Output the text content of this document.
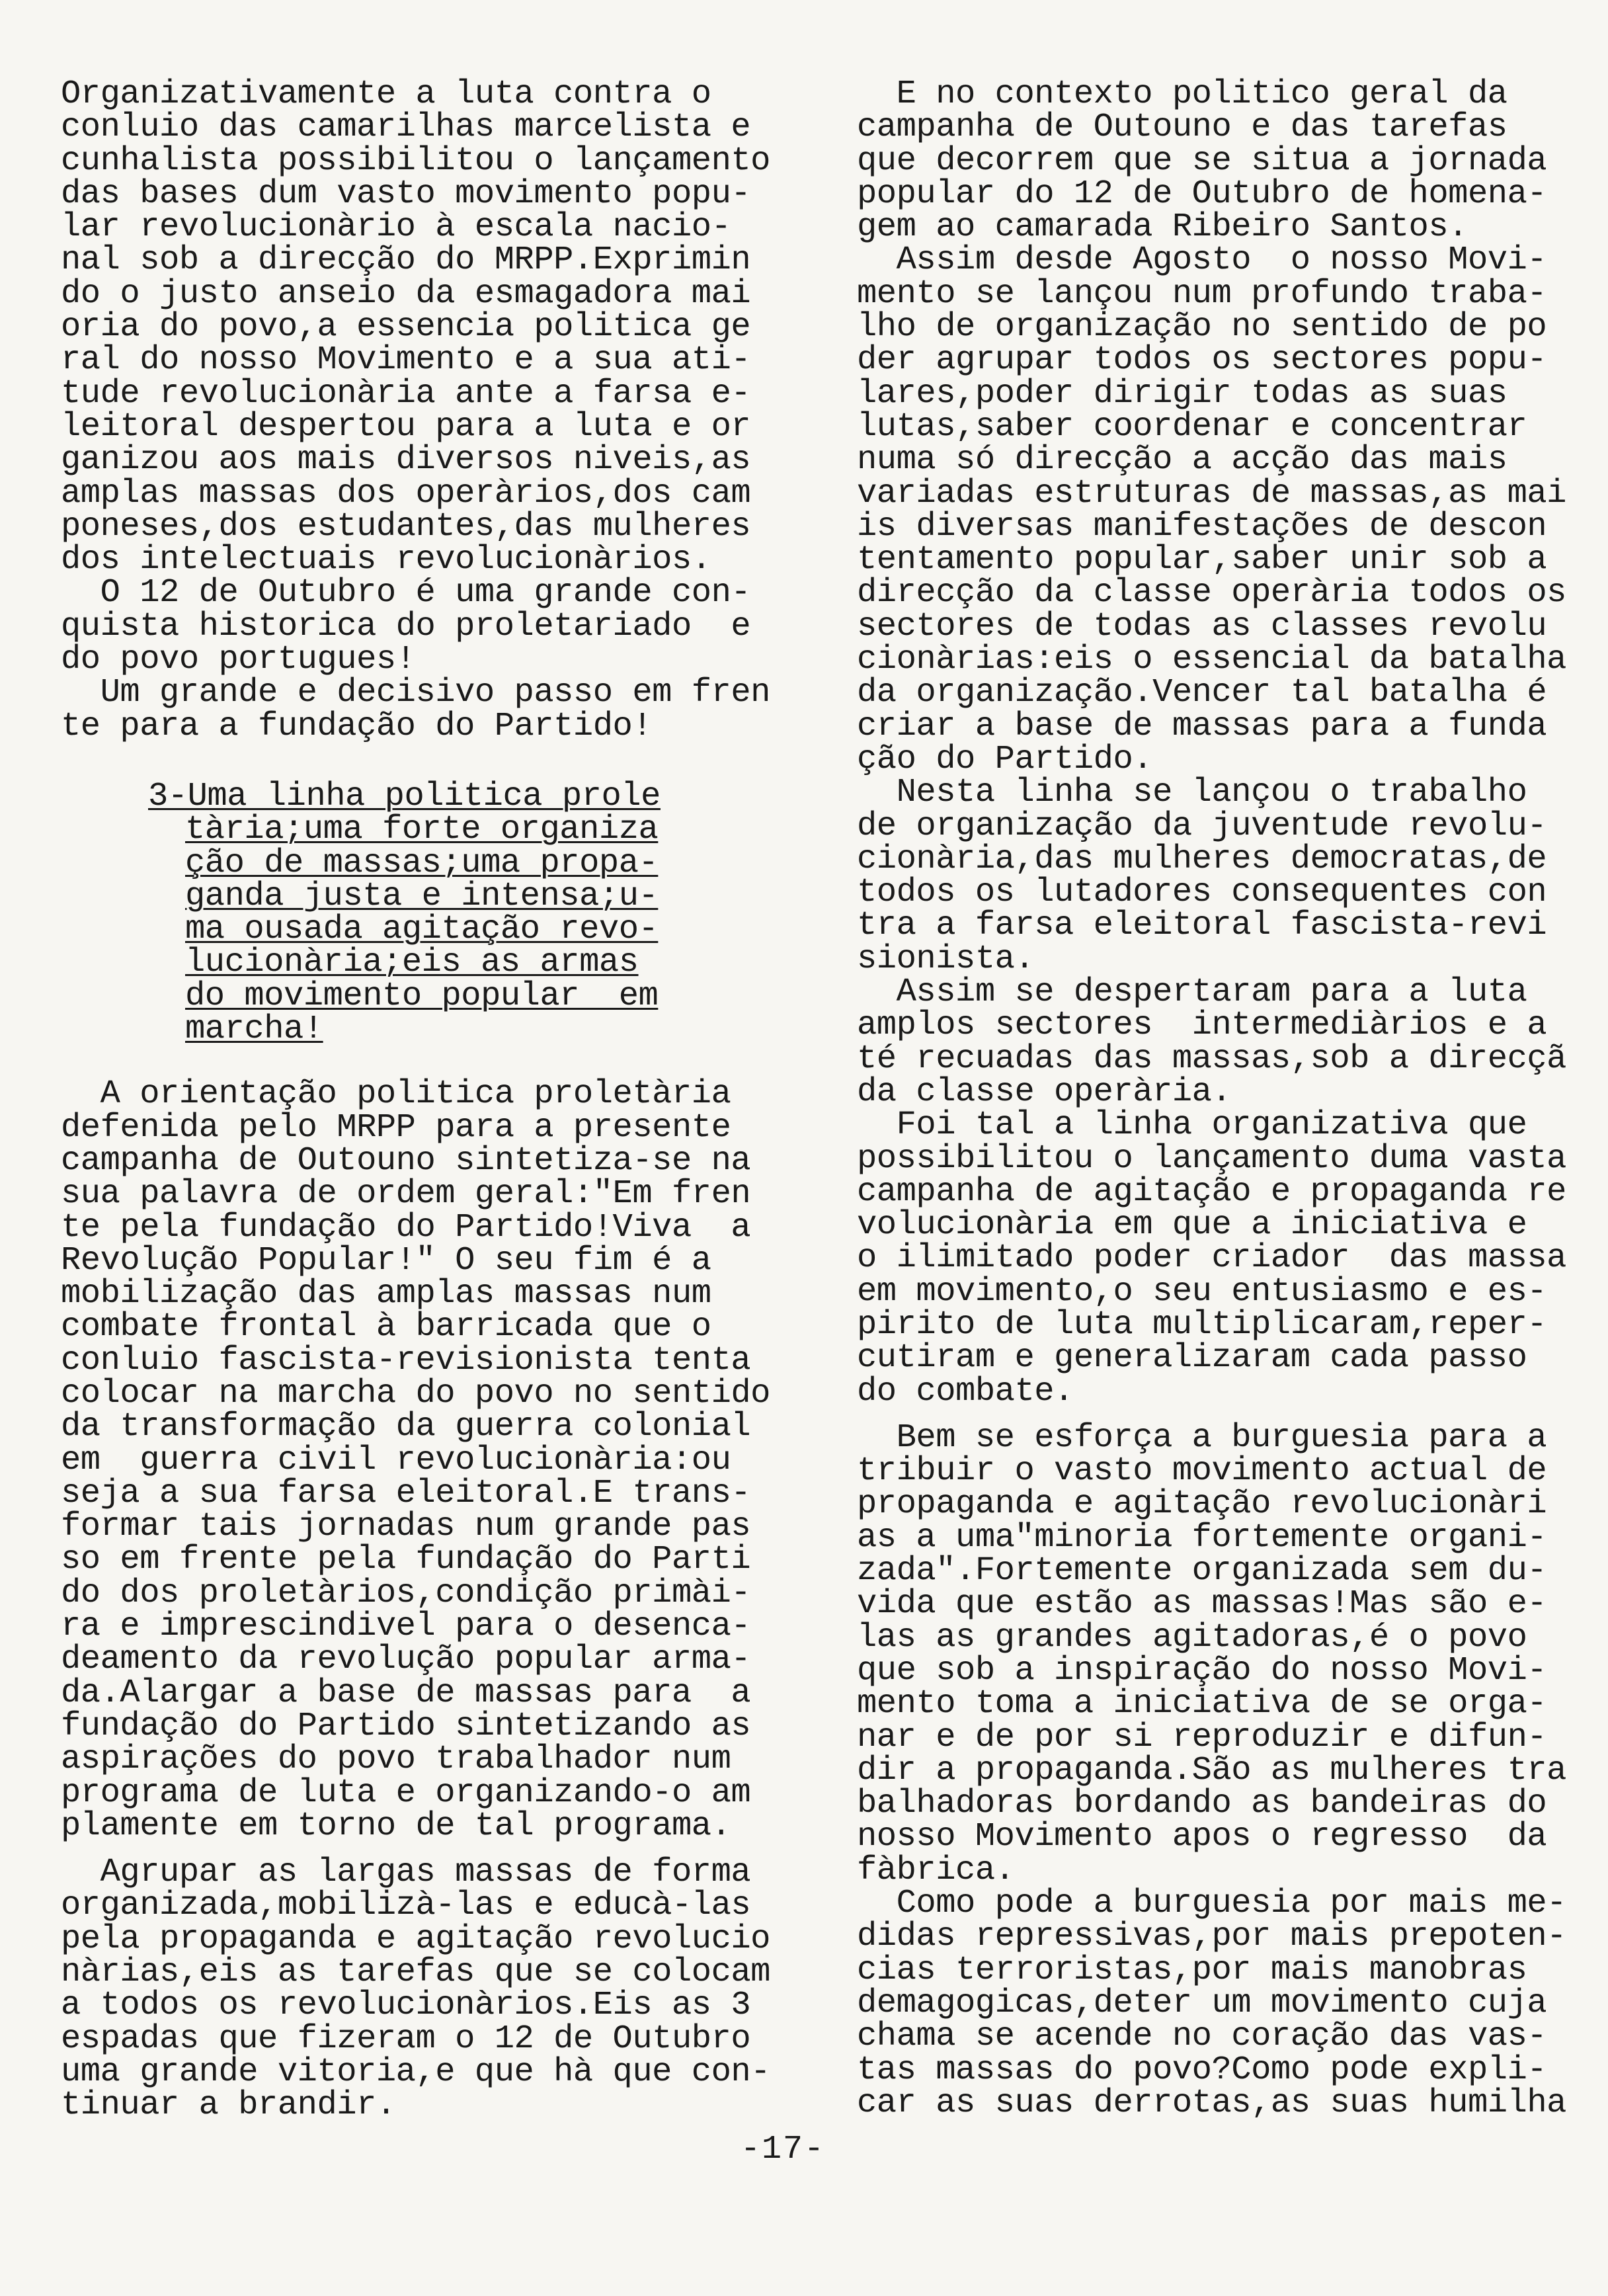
Organizativamente a luta contra o
conluio das camarilhas marcelista e
cunhalista possibilitou o lançamento
das bases dum vasto movimento popu-
lar revolucionàrio à escala nacio-
nal sob a direcção do MRPP.Exprimin
do o justo anseio da esmagadora mai
oria do povo,a essencia politica ge
ral do nosso Movimento e a sua ati-
tude revolucionària ante a farsa e-
leitoral despertou para a luta e or
ganizou aos mais diversos niveis,as
amplas massas dos operàrios,dos cam
poneses,dos estudantes,das mulheres
dos intelectuais revolucionàrios.
O 12 de Outubro é uma grande con-
quista historica do proletariado  e
do povo portugues!
Um grande e decisivo passo em fren
te para a fundação do Partido!
3-Uma linha politica prole
tària;uma forte organiza
ção de massas;uma propa-
ganda justa e intensa;u-
ma ousada agitação revo-
lucionària;eis as armas
do movimento popular  em
marcha!
A orientação politica proletària
defenida pelo MRPP para a presente
campanha de Outouno sintetiza-se na
sua palavra de ordem geral:"Em fren
te pela fundação do Partido!Viva  a
Revolução Popular!" O seu fim é a
mobilização das amplas massas num
combate frontal à barricada que o
conluio fascista-revisionista tenta
colocar na marcha do povo no sentido
da transformação da guerra colonial
em  guerra civil revolucionària:ou
seja a sua farsa eleitoral.E trans-
formar tais jornadas num grande pas
so em frente pela fundação do Parti
do dos proletàrios,condição primài-
ra e imprescindivel para o desenca-
deamento da revolução popular arma-
da.Alargar a base de massas para  a
fundação do Partido sintetizando as
aspirações do povo trabalhador num
programa de luta e organizando-o am
plamente em torno de tal programa.
Agrupar as largas massas de forma
organizada,mobilizà-las e educà-las
pela propaganda e agitação revolucio
nàrias,eis as tarefas que se colocam
a todos os revolucionàrios.Eis as 3
espadas que fizeram o 12 de Outubro
uma grande vitoria,e que hà que con-
tinuar a brandir.
E no contexto politico geral da
campanha de Outouno e das tarefas
que decorrem que se situa a jornada
popular do 12 de Outubro de homena-
gem ao camarada Ribeiro Santos.
Assim desde Agosto  o nosso Movi-
mento se lançou num profundo traba-
lho de organização no sentido de po
der agrupar todos os sectores popu-
lares,poder dirigir todas as suas
lutas,saber coordenar e concentrar
numa só direcção a acção das mais
variadas estruturas de massas,as mai
is diversas manifestações de descon
tentamento popular,saber unir sob a
direcção da classe operària todos os
sectores de todas as classes revolu
cionàrias:eis o essencial da batalha
da organização.Vencer tal batalha é
criar a base de massas para a funda
ção do Partido.
Nesta linha se lançou o trabalho
de organização da juventude revolu-
cionària,das mulheres democratas,de
todos os lutadores consequentes con
tra a farsa eleitoral fascista-revi
sionista.
Assim se despertaram para a luta
amplos sectores  intermediàrios e a
té recuadas das massas,sob a direcçã
da classe operària.
Foi tal a linha organizativa que
possibilitou o lançamento duma vasta
campanha de agitação e propaganda re
volucionària em que a iniciativa e
o ilimitado poder criador  das massa
em movimento,o seu entusiasmo e es-
pirito de luta multiplicaram,reper-
cutiram e generalizaram cada passo
do combate.
Bem se esforça a burguesia para a
tribuir o vasto movimento actual de
propaganda e agitação revolucionàri
as a uma"minoria fortemente organi-
zada".Fortemente organizada sem du-
vida que estão as massas!Mas são e-
las as grandes agitadoras,é o povo
que sob a inspiração do nosso Movi-
mento toma a iniciativa de se orga-
nar e de por si reproduzir e difun-
dir a propaganda.São as mulheres tra
balhadoras bordando as bandeiras do
nosso Movimento apos o regresso  da
fàbrica.
Como pode a burguesia por mais me-
didas repressivas,por mais prepoten-
cias terroristas,por mais manobras
demagogicas,deter um movimento cuja
chama se acende no coração das vas-
tas massas do povo?Como pode expli-
car as suas derrotas,as suas humilha
-17-
